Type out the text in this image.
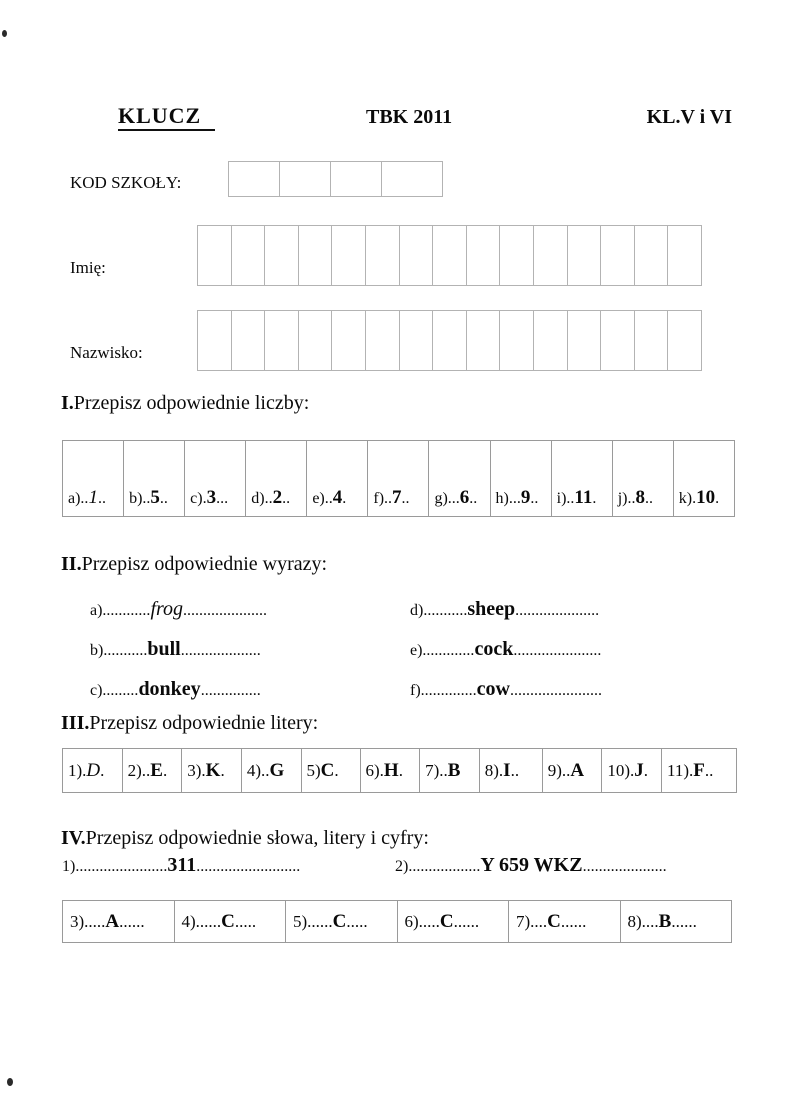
KLUCZ	TBK 2011	KL.V i VI
KOD SZKOŁY:

Imię:

Nazwisko:

I.Przepisz odpowiednie liczby:
a)..1..	b)..5..	c).3...	d)..2..	e)..4.	f)..7..	g)...6..	h)...9..	i)..11.	j)..8..	k).10.
II.Przepisz odpowiednie wyrazy:
a)............frog.....................
b)...........bull....................
c).........donkey...............
d)...........sheep.....................
e).............cock......................
f)..............cow.......................
III.Przepisz odpowiednie litery:
1).D.	2)..E.	3).K.	4)..G	5)C.	6).H.	7)..B	8).I..	9)..A	10).J.	11).F..
IV.Przepisz odpowiednie słowa, litery i cyfry:
1).......................311..........................	2)..................Y 659 WKZ.....................
3).....A......	4)......C.....	5)......C.....	6).....C......	7)....C......	8)....B......
